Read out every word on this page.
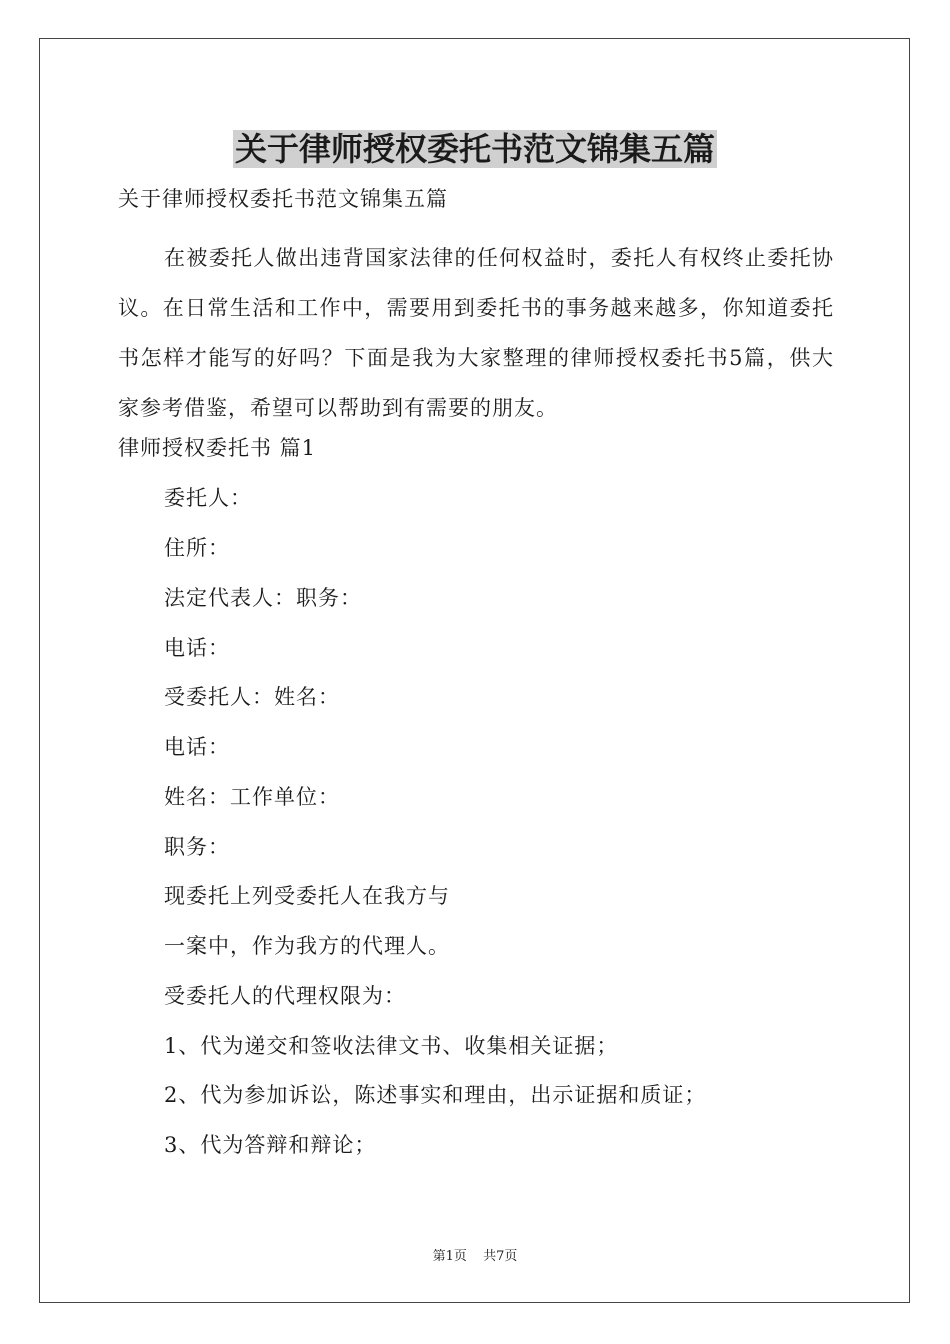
关于律师授权委托书范文锦集五篇
关于律师授权委托书范文锦集五篇
在被委托人做出违背国家法律的任何权益时，委托人有权终止委托协议。在日常生活和工作中，需要用到委托书的事务越来越多，你知道委托书怎样才能写的好吗？下面是我为大家整理的律师授权委托书5篇，供大家参考借鉴，希望可以帮助到有需要的朋友。
律师授权委托书 篇1
委托人：
住所：
法定代表人：职务：
电话：
受委托人：姓名：
电话：
姓名：工作单位：
职务：
现委托上列受委托人在我方与
一案中，作为我方的代理人。
受委托人的代理权限为：
1、代为递交和签收法律文书、收集相关证据；
2、代为参加诉讼，陈述事实和理由，出示证据和质证；
3、代为答辩和辩论；
第1页 共7页
